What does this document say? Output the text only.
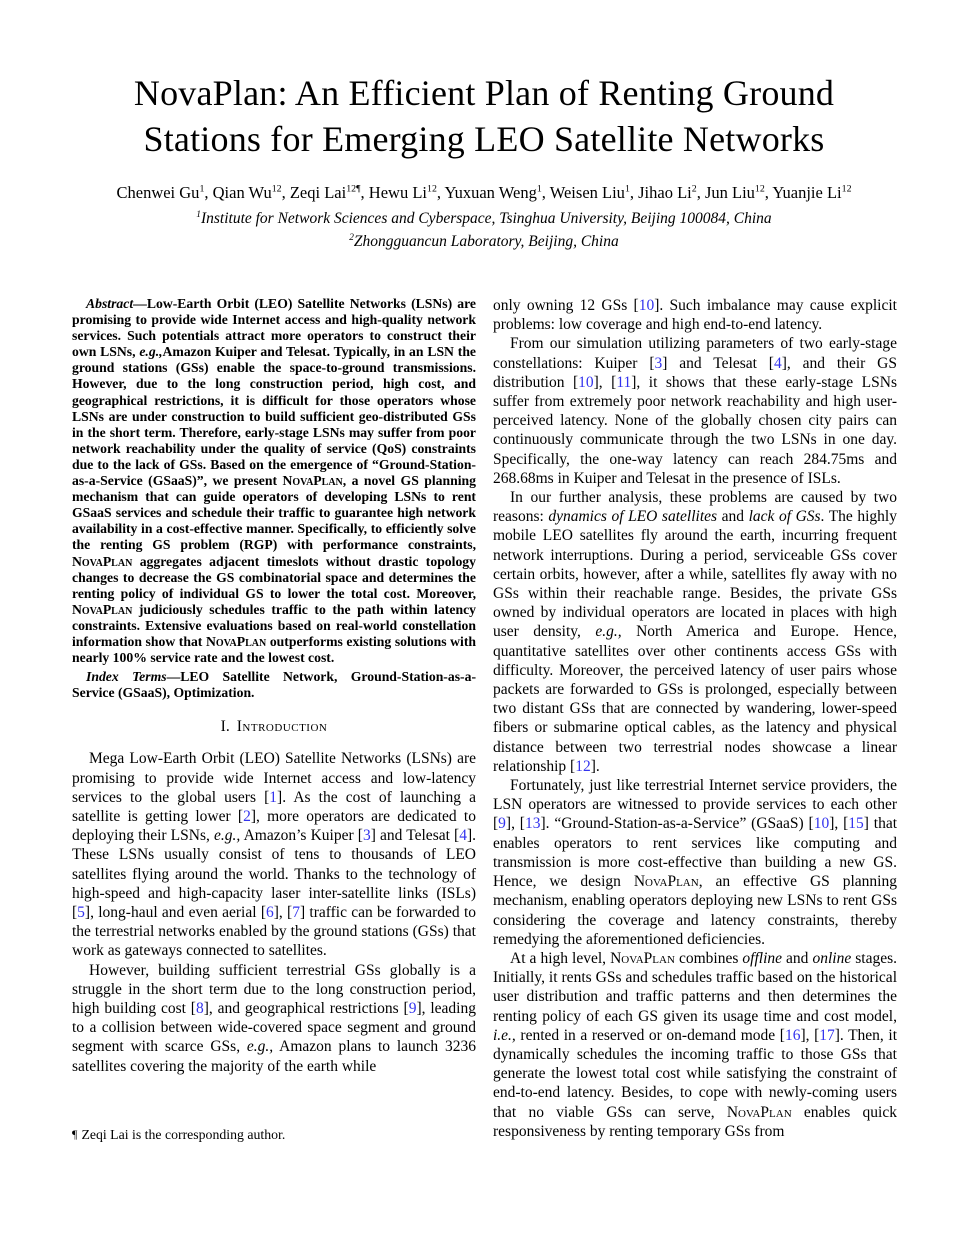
NovaPlan: An Efficient Plan of Renting Ground
Stations for Emerging LEO Satellite Networks
Chenwei Gu$^1$, Qian Wu$^{12}$, Zeqi Lai$^{12\P}$, Hewu Li$^{12}$, Yuxuan Weng$^1$, Weisen Liu$^1$, Jihao Li$^2$, Jun Liu$^{12}$, Yuanjie Li$^{12}$
$^1$Institute for Network Sciences and Cyberspace, Tsinghua University, Beijing 100084, China
$^2$Zhongguancun Laboratory, Beijing, China

Abstract—Low-Earth Orbit (LEO) Satellite Networks (LSNs) are promising to provide wide Internet access and high-quality network services. Such potentials attract more operators to construct their own LSNs, e.g.,Amazon Kuiper and Telesat. Typically, in an LSN the ground stations (GSs) enable the space-to-ground transmissions. However, due to the long construction period, high cost, and geographical restrictions, it is difficult for those operators whose LSNs are under construction to build sufficient geo-distributed GSs in the short term. Therefore, early-stage LSNs may suffer from poor network reachability under the quality of service (QoS) constraints due to the lack of GSs. Based on the emergence of “Ground-Station-as-a-Service (GSaaS)”, we present NovaPlan, a novel GS planning mechanism that can guide operators of developing LSNs to rent GSaaS services and schedule their traffic to guarantee high network availability in a cost-effective manner. Specifically, to efficiently solve the renting GS problem (RGP) with performance constraints, NovaPlan aggregates adjacent timeslots without drastic topology changes to decrease the GS combinatorial space and determines the renting policy of individual GS to lower the total cost. Moreover, NovaPlan judiciously schedules traffic to the path within latency constraints. Extensive evaluations based on real-world constellation information show that NovaPlan outperforms existing solutions with nearly 100% service rate and the lowest cost.

Index Terms—LEO Satellite Network, Ground-Station-as-a-Service (GSaaS), Optimization.

I. Introduction

Mega Low-Earth Orbit (LEO) Satellite Networks (LSNs) are promising to provide wide Internet access and low-latency services to the global users [1]. As the cost of launching a satellite is getting lower [2], more operators are dedicated to deploying their LSNs, e.g., Amazon’s Kuiper [3] and Telesat [4]. These LSNs usually consist of tens to thousands of LEO satellites flying around the world. Thanks to the technology of high-speed and high-capacity laser inter-satellite links (ISLs) [5], long-haul and even aerial [6], [7] traffic can be forwarded to the terrestrial networks enabled by the ground stations (GSs) that work as gateways connected to satellites.

However, building sufficient terrestrial GSs globally is a struggle in the short term due to the long construction period, high building cost [8], and geographical restrictions [9], leading to a collision between wide-covered space segment and ground segment with scarce GSs, e.g., Amazon plans to launch 3236 satellites covering the majority of the earth while

only owning 12 GSs [10]. Such imbalance may cause explicit problems: low coverage and high end-to-end latency.

From our simulation utilizing parameters of two early-stage constellations: Kuiper [3] and Telesat [4], and their GS distribution [10], [11], it shows that these early-stage LSNs suffer from extremely poor network reachability and high user-perceived latency. None of the globally chosen city pairs can continuously communicate through the two LSNs in one day. Specifically, the one-way latency can reach 284.75ms and 268.68ms in Kuiper and Telesat in the presence of ISLs.

In our further analysis, these problems are caused by two reasons: dynamics of LEO satellites and lack of GSs. The highly mobile LEO satellites fly around the earth, incurring frequent network interruptions. During a period, serviceable GSs cover certain orbits, however, after a while, satellites fly away with no GSs within their reachable range. Besides, the private GSs owned by individual operators are located in places with high user density, e.g., North America and Europe. Hence, quantitative satellites over other continents access GSs with difficulty. Moreover, the perceived latency of user pairs whose packets are forwarded to GSs is prolonged, especially between two distant GSs that are connected by wandering, lower-speed fibers or submarine optical cables, as the latency and physical distance between two terrestrial nodes showcase a linear relationship [12].

Fortunately, just like terrestrial Internet service providers, the LSN operators are witnessed to provide services to each other [9], [13]. “Ground-Station-as-a-Service” (GSaaS) [10], [15] that enables operators to rent services like computing and transmission is more cost-effective than building a new GS. Hence, we design NovaPlan, an effective GS planning mechanism, enabling operators deploying new LSNs to rent GSs considering the coverage and latency constraints, thereby remedying the aforementioned deficiencies.

At a high level, NovaPlan combines offline and online stages. Initially, it rents GSs and schedules traffic based on the historical user distribution and traffic patterns and then determines the renting policy of each GS given its usage time and cost model, i.e., rented in a reserved or on-demand mode [16], [17]. Then, it dynamically schedules the incoming traffic to those GSs that generate the lowest total cost while satisfying the constraint of end-to-end latency. Besides, to cope with newly-coming users that no viable GSs can serve, NovaPlan enables quick responsiveness by renting temporary GSs from

¶ Zeqi Lai is the corresponding author.
